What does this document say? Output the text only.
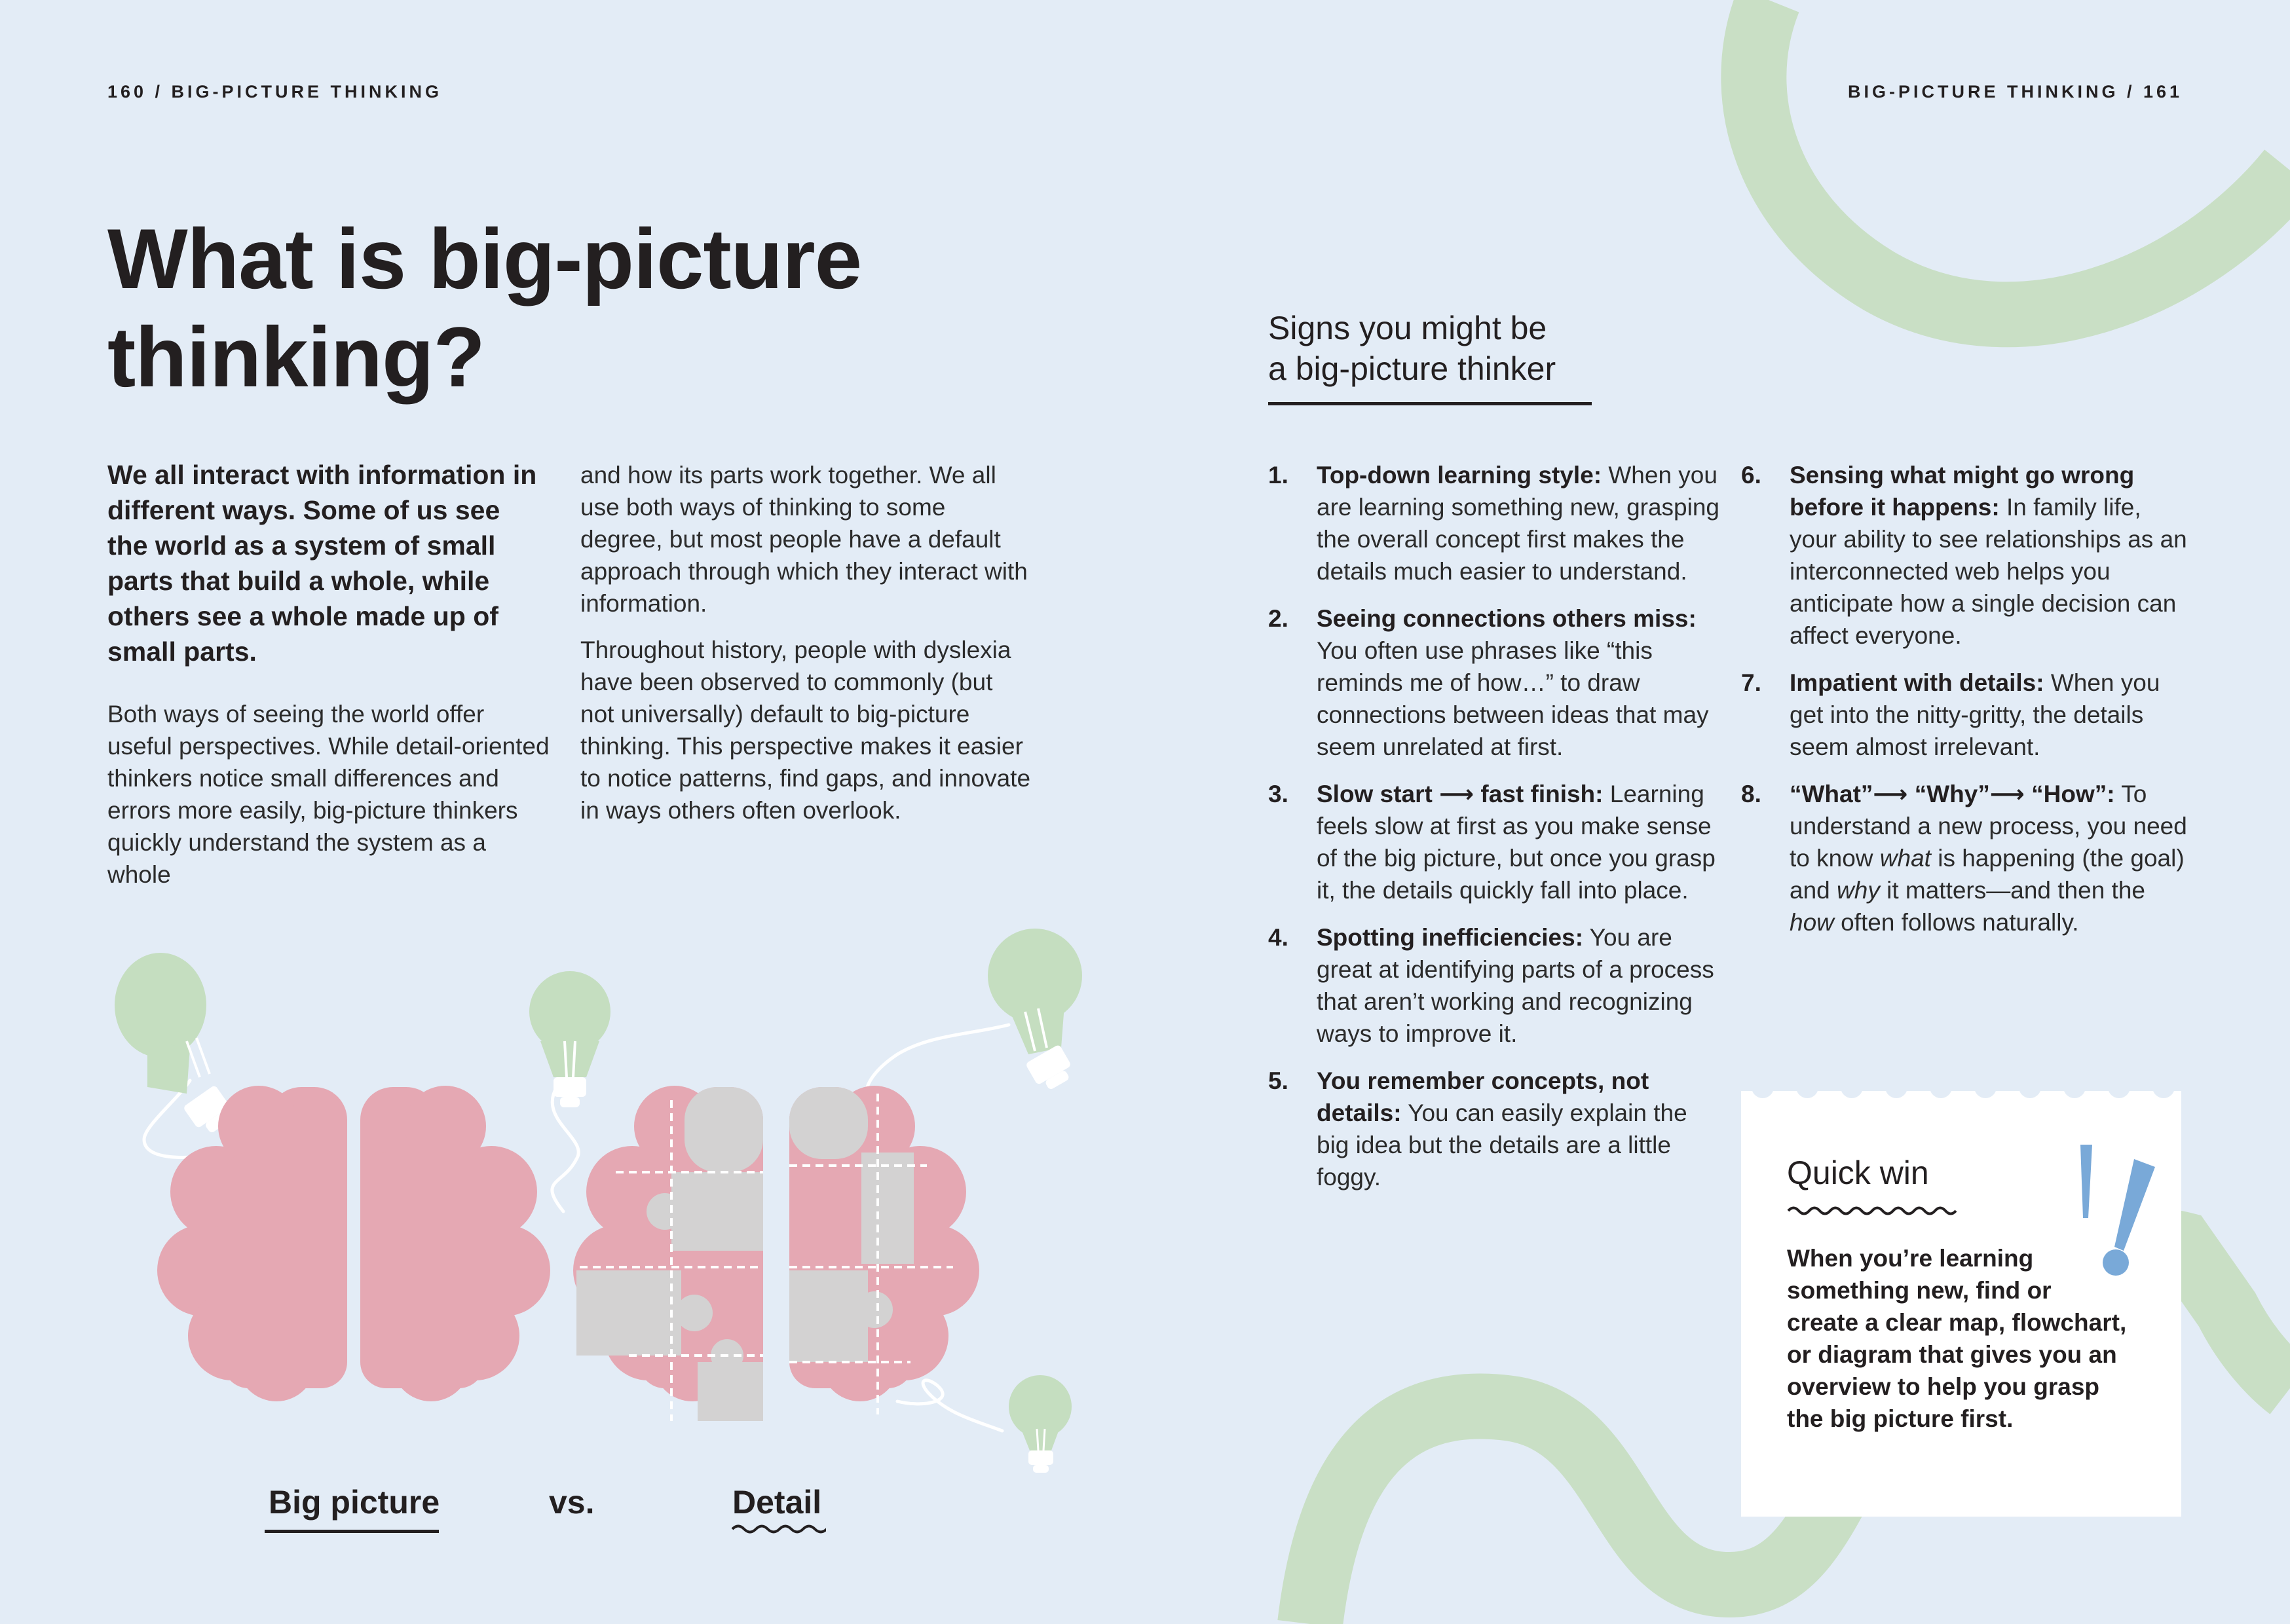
160 / BIG-PICTURE THINKING	BIG-PICTURE THINKING / 161
What is big-picture
thinking?

We all interact with information in different ways. Some of us see the world as a system of small parts that build a whole, while others see a whole made up of small parts.

Both ways of seeing the world offer useful perspectives. While detail-oriented thinkers notice small differences and errors more easily, big-picture thinkers quickly understand the system as a whole

and how its parts work together. We all use both ways of thinking to some degree, but most people have a default approach through which they interact with information.

Throughout history, people with dyslexia have been observed to commonly (but not universally) default to big-picture thinking. This perspective makes it easier to notice patterns, find gaps, and innovate in ways others often overlook.

Big picture	vs.	Detail
Signs you might be
a big-picture thinker
1. Top-down learning style: When you are learning something new, grasping the overall concept first makes the details much easier to understand.
2. Seeing connections others miss: You often use phrases like “this reminds me of how…” to draw connections between ideas that may seem unrelated at first.
3. Slow start ⟶ fast finish: Learning feels slow at first as you make sense of the big picture, but once you grasp it, the details quickly fall into place.
4. Spotting inefficiencies: You are great at identifying parts of a process that aren’t working and recognizing ways to improve it.
5. You remember concepts, not details: You can easily explain the big idea but the details are a little foggy.
6. Sensing what might go wrong before it happens: In family life, your ability to see relationships as an interconnected web helps you anticipate how a single decision can affect everyone.
7. Impatient with details: When you get into the nitty-gritty, the details seem almost irrelevant.
8. “What”⟶ “Why”⟶ “How”: To understand a new process, you need to know what is happening (the goal) and why it matters—and then the how often follows naturally.
Quick win

When you’re learning something new, find or create a clear map, flowchart, or diagram that gives you an overview to help you grasp the big picture first.
